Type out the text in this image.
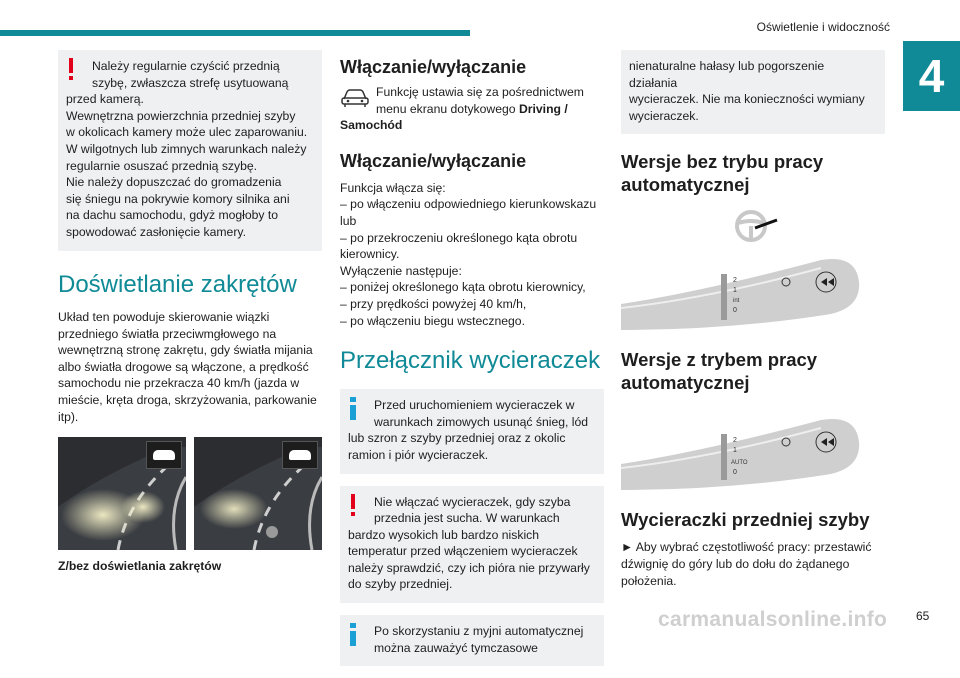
Oświetlenie i widoczność
4

Należy regularnie czyścić przednią

szybę, zwłaszcza strefę usytuowaną

przed kamerą.

Wewnętrzna powierzchnia przedniej szyby

w okolicach kamery może ulec zaparowaniu.

W wilgotnych lub zimnych warunkach należy

regularnie osuszać przednią szybę.

Nie należy dopuszczać do gromadzenia

się śniegu na pokrywie komory silnika ani

na dachu samochodu, gdyż mogłoby to

spowodować zasłonięcie kamery.

Doświetlanie zakrętów

Układ ten powoduje skierowanie wiązki

przedniego światła przeciwmgłowego na

wewnętrzną stronę zakrętu, gdy światła mijania

albo światła drogowe są włączone, a prędkość

samochodu nie przekracza 40 km/h (jazda w

mieście, kręta droga, skrzyżowania, parkowanie

itp).

Z/bez doświetlania zakrętów

Włączanie/wyłączanie

Funkcję ustawia się za pośrednictwem

menu ekranu dotykowego Driving /

Samochód

Włączanie/wyłączanie

Funkcja włącza się:

– po włączeniu odpowiedniego kierunkowskazu

lub

– po przekroczeniu określonego kąta obrotu

kierownicy.

Wyłączenie następuje:

– poniżej określonego kąta obrotu kierownicy,

– przy prędkości powyżej 40 km/h,

– po włączeniu biegu wstecznego.

Przełącznik wycieraczek

Przed uruchomieniem wycieraczek w

warunkach zimowych usunąć śnieg, lód

lub szron z szyby przedniej oraz z okolic

ramion i piór wycieraczek.

Nie włączać wycieraczek, gdy szyba

przednia jest sucha. W warunkach

bardzo wysokich lub bardzo niskich

temperatur przed włączeniem wycieraczek

należy sprawdzić, czy ich pióra nie przywarły

do szyby przedniej.

Po skorzystaniu z myjni automatycznej

można zauważyć tymczasowe

nienaturalne hałasy lub pogorszenie działania

wycieraczek. Nie ma konieczności wymiany

wycieraczek.

Wersje bez trybu pracy automatycznej
2
1
int
0
Wersje z trybem pracy automatycznej
2
1
AUTO
0
Wycieraczki przedniej szyby

► Aby wybrać częstotliwość pracy: przestawić

dźwignię do góry lub do dołu do żądanego

położenia.

carmanualsonline.info 65
